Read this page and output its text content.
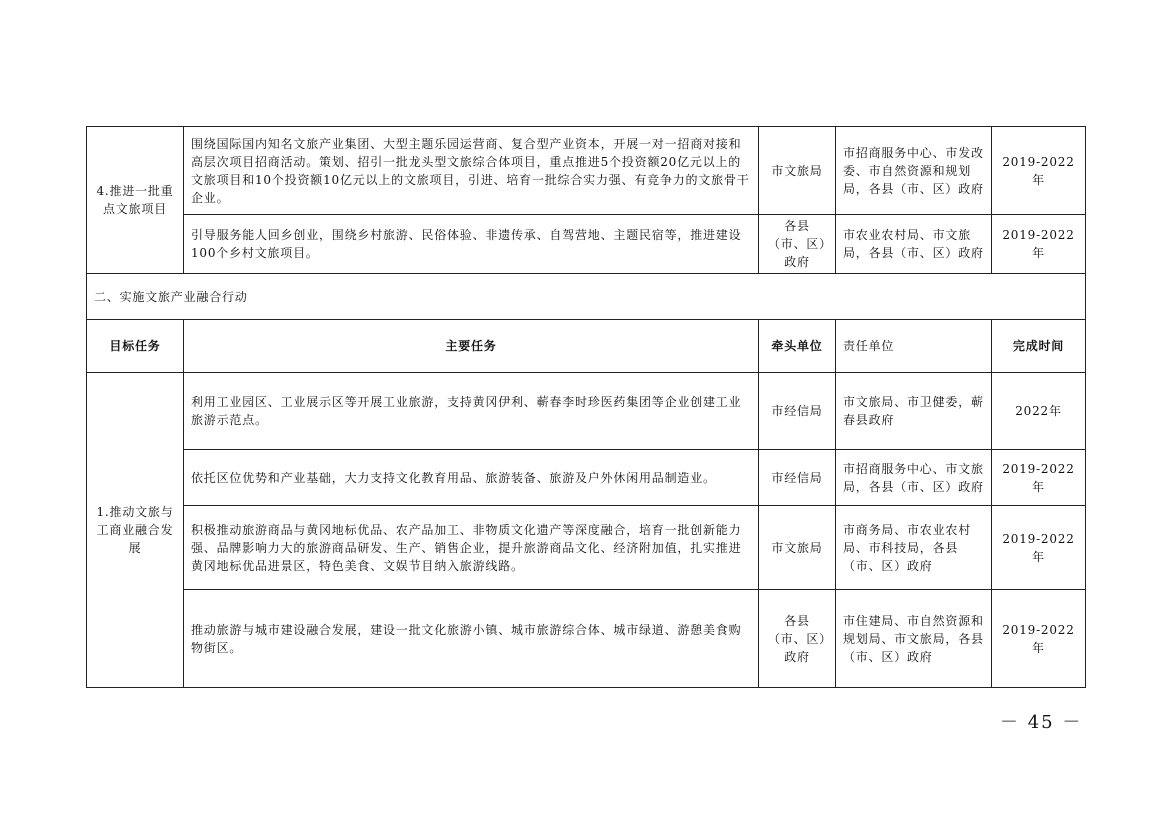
4.推进一批重点文旅项目	围绕国际国内知名文旅产业集团、大型主题乐园运营商、复合型产业资本，开展一对一招商对接和高层次项目招商活动。策划、招引一批龙头型文旅综合体项目，重点推进5个投资额20亿元以上的文旅项目和10个投资额10亿元以上的文旅项目，引进、培育一批综合实力强、有竞争力的文旅骨干企业。	市文旅局	市招商服务中心、市发改委、市自然资源和规划局，各县（市、区）政府	2019-2022年
	引导服务能人回乡创业，围绕乡村旅游、民俗体验、非遗传承、自驾营地、主题民宿等，推进建设100个乡村文旅项目。	各县（市、区）政府	市农业农村局、市文旅局，各县（市、区）政府	2019-2022年
二、实施文旅产业融合行动				
目标任务	主要任务	牵头单位	责任单位	完成时间
1.推动文旅与工商业融合发展	利用工业园区、工业展示区等开展工业旅游，支持黄冈伊利、蕲春李时珍医药集团等企业创建工业旅游示范点。	市经信局	市文旅局、市卫健委，蕲春县政府	2022年
	依托区位优势和产业基础，大力支持文化教育用品、旅游装备、旅游及户外休闲用品制造业。	市经信局	市招商服务中心、市文旅局，各县（市、区）政府	2019-2022年
	积极推动旅游商品与黄冈地标优品、农产品加工、非物质文化遗产等深度融合，培育一批创新能力强、品牌影响力大的旅游商品研发、生产、销售企业，提升旅游商品文化、经济附加值，扎实推进黄冈地标优品进景区，特色美食、文娱节目纳入旅游线路。	市文旅局	市商务局、市农业农村局、市科技局，各县（市、区）政府	2019-2022年
	推动旅游与城市建设融合发展，建设一批文化旅游小镇、城市旅游综合体、城市绿道、游憩美食购物街区。	各县（市、区）政府	市住建局、市自然资源和规划局、市文旅局，各县（市、区）政府	2019-2022年
－ 45 －
